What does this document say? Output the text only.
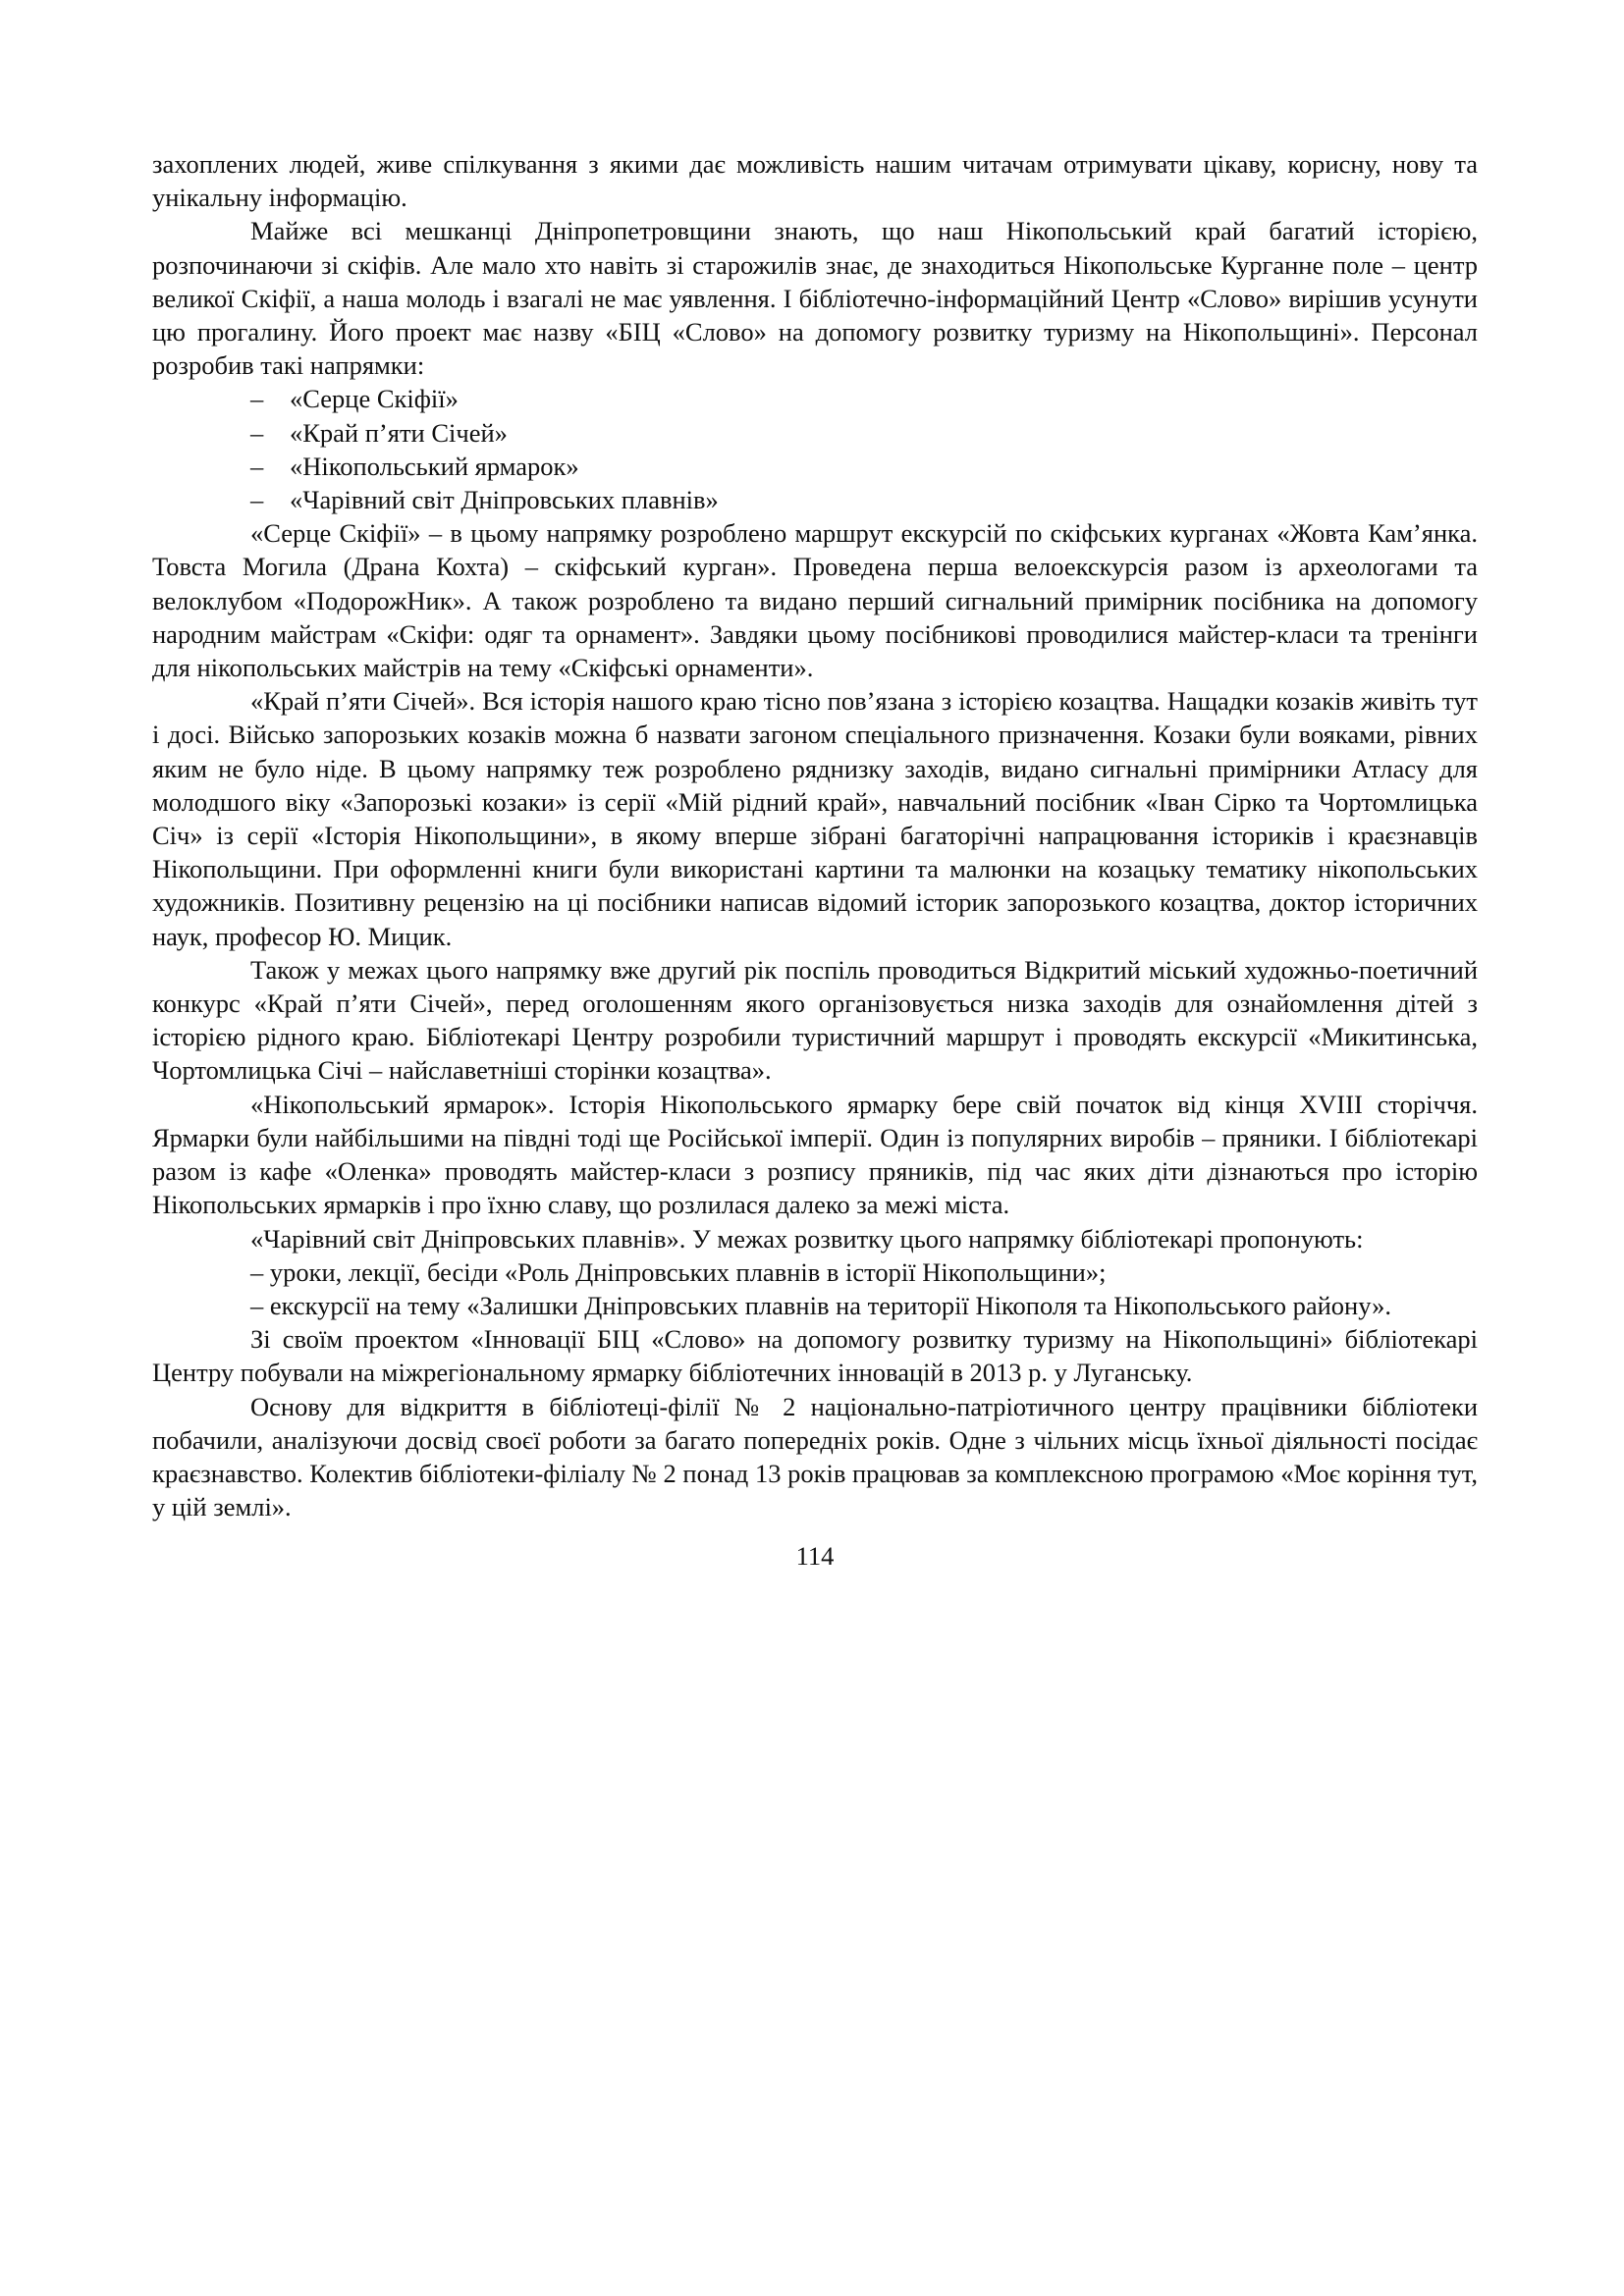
захоплених людей, живе спілкування з якими дає можливість нашим читачам отримувати цікаву, корисну, нову та унікальну інформацію.

Майже всі мешканці Дніпропетровщини знають, що наш Нікопольський край багатий історією, розпочинаючи зі скіфів. Але мало хто навіть зі старожилів знає, де знаходиться Нікопольське Курганне поле – центр великої Скіфії, а наша молодь і взагалі не має уявлення. І бібліотечно-інформаційний Центр «Слово» вирішив усунути цю прогалину. Його проект має назву «БІЦ «Слово» на допомогу розвитку туризму на Нікопольщині». Персонал розробив такі напрямки:

– «Серце Скіфії»
– «Край п’яти Січей»
– «Нікопольський ярмарок»
– «Чарівний світ Дніпровських плавнів»

«Серце Скіфії» – в цьому напрямку розроблено маршрут екскурсій по скіфських курганах «Жовта Кам’янка. Товста Могила (Драна Кохта) – скіфський курган». Проведена перша велоекскурсія разом із археологами та велоклубом «ПодорожНик». А також розроблено та видано перший сигнальний примірник посібника на допомогу народним майстрам «Скіфи: одяг та орнамент». Завдяки цьому посібникові проводилися майстер-класи та тренінги для нікопольських майстрів на тему «Скіфські орнаменти».

«Край п’яти Січей». Вся історія нашого краю тісно пов’язана з історією козацтва. Нащадки козаків живіть тут і досі. Військо запорозьких козаків можна б назвати загоном спеціального призначення. Козаки були вояками, рівних яким не було ніде. В цьому напрямку теж розроблено ряднизку заходів, видано сигнальні примірники Атласу для молодшого віку «Запорозькі козаки» із серії «Мій рідний край», навчальний посібник «Іван Сірко та Чортомлицька Січ» із серії «Історія Нікопольщини», в якому вперше зібрані багаторічні напрацювання істориків і краєзнавців Нікопольщини. При оформленні книги були використані картини та малюнки на козацьку тематику нікопольських художників. Позитивну рецензію на ці посібники написав відомий історик запорозького козацтва, доктор історичних наук, професор Ю. Мицик.

Також у межах цього напрямку вже другий рік поспіль проводиться Відкритий міський художньо-поетичний конкурс «Край п’яти Січей», перед оголошенням якого організовується низка заходів для ознайомлення дітей з історією рідного краю. Бібліотекарі Центру розробили туристичний маршрут і проводять екскурсії «Микитинська, Чортомлицька Січі – найславетніші сторінки козацтва».

«Нікопольський ярмарок». Історія Нікопольського ярмарку бере свій початок від кінця XVIII сторіччя. Ярмарки були найбільшими на півдні тоді ще Російської імперії. Один із популярних виробів – пряники. І бібліотекарі разом із кафе «Оленка» проводять майстер-класи з розпису пряників, під час яких діти дізнаються про історію Нікопольських ярмарків і про їхню славу, що розлилася далеко за межі міста.

«Чарівний світ Дніпровських плавнів». У межах розвитку цього напрямку бібліотекарі пропонують:

– уроки, лекції, бесіди «Роль Дніпровських плавнів в історії Нікопольщини»;

– екскурсії на тему «Залишки Дніпровських плавнів на території Нікополя та Нікопольського району».

Зі своїм проектом «Інновації БІЦ «Слово» на допомогу розвитку туризму на Нікопольщині» бібліотекарі Центру побували на міжрегіональному ярмарку бібліотечних інновацій в 2013 р. у Луганську.

Основу для відкриття в бібліотеці-філії № 2 національно-патріотичного центру працівники бібліотеки побачили, аналізуючи досвід своєї роботи за багато попередніх років. Одне з чільних місць їхньої діяльності посідає краєзнавство. Колектив бібліотеки-філіалу № 2 понад 13 років працював за комплексною програмою «Моє коріння тут, у цій землі».

114
